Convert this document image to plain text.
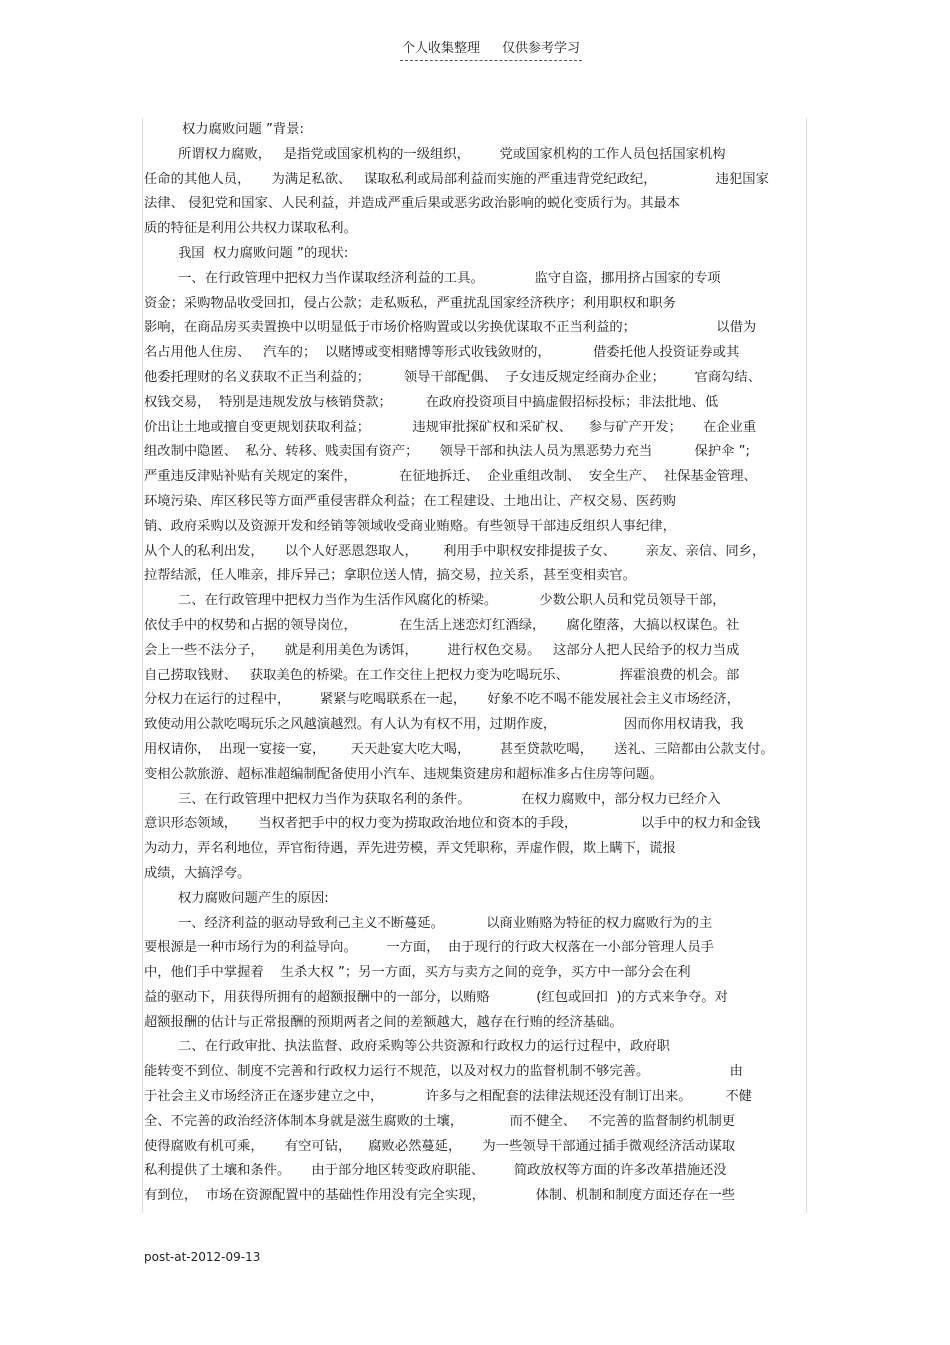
个人收集整理 仅供参考学习
权力腐败问题 ”背景:
所谓权力腐败，   是指党或国家机构的一级组织，       党或国家机构的工作人员包括国家机构
任命的其他人员，     为满足私欲、   谋取私利或局部利益而实施的严重违背党纪政纪，              违犯国家
法律、 侵犯党和国家、人民利益，并造成严重后果或恶劣政治影响的蜕化变质行为。其最本
质的特征是利用公共权力谋取私利。
我国  权力腐败问题 ”的现状:
一、在行政管理中把权力当作谋取经济利益的工具。            监守自盗，挪用挤占国家的专项
资金；采购物品收受回扣，侵占公款；走私贩私，严重扰乱国家经济秩序；利用职权和职务
影响，在商品房买卖置换中以明显低于市场价格购置或以劣换优谋取不正当利益的；                   以借为
名占用他人住房、   汽车的；  以赌博或变相赌博等形式收钱敛财的，          借委托他人投资证券或其
他委托理财的名义获取不正当利益的；        领导干部配偶、  子女违反规定经商办企业；       官商勾结、
权钱交易，  特别是违规发放与核销贷款；        在政府投资项目中搞虚假招标投标；非法批地、低
价出让土地或擅自变更规划获取利益；          违规审批探矿权和采矿权、    参与矿产开发；     在企业重
组改制中隐匿、  私分、转移、贱卖国有资产；     领导干部和执法人员为黑恶势力充当          保护伞 ”;
严重违反津贴补贴有关规定的案件，          在征地拆迁、  企业重组改制、  安全生产、  社保基金管理、
环境污染、库区移民等方面严重侵害群众利益；在工程建设、土地出让、产权交易、医药购
销、政府采购以及资源开发和经销等领域收受商业贿赂。有些领导干部违反组织人事纪律，
从个人的私利出发，     以个人好恶恩怨取人，      利用手中职权安排提拔子女、       亲友、亲信、同乡，
拉帮结派，任人唯亲，排斥异己；拿职位送人情，搞交易，拉关系，甚至变相卖官。
二、在行政管理中把权力当作为生活作风腐化的桥梁。          少数公职人员和党员领导干部，
依仗手中的权势和占据的领导岗位，          在生活上迷恋灯红酒绿，     腐化堕落，大搞以权谋色。社
会上一些不法分子，     就是利用美色为诱饵，       进行权色交易。   这部分人把人民给予的权力当成
自己捞取钱财、   获取美色的桥梁。在工作交往上把权力变为吃喝玩乐、            挥霍浪费的机会。部
分权力在运行的过程中，       紧紧与吃喝联系在一起，     好象不吃不喝不能发展社会主义市场经济，
致使动用公款吃喝玩乐之风越演越烈。有人认为有权不用，过期作废，                因而你用权请我，我
用权请你，  出现一宴接一宴，      天天赴宴大吃大喝，       甚至贷款吃喝，     送礼、三陪都由公款支付。
变相公款旅游、超标准超编制配备使用小汽车、违规集资建房和超标准多占住房等问题。
三、在行政管理中把权力当作为获取名利的条件。            在权力腐败中，部分权力已经介入
意识形态领域，     当权者把手中的权力变为捞取政治地位和资本的手段，               以手中的权力和金钱
为动力，弄名利地位，弄官衔待遇，弄先进劳模，弄文凭职称，弄虚作假，欺上瞒下，谎报
成绩，大搞浮夸。
权力腐败问题产生的原因:
一、经济利益的驱动导致利己主义不断蔓延。          以商业贿赂为特征的权力腐败行为的主
要根源是一种市场行为的利益导向。       一方面，  由于现行的行政大权落在一小部分管理人员手
中，他们手中掌握着    生杀大权 ”；另一方面，买方与卖方之间的竞争，买方中一部分会在利
益的驱动下，用获得所拥有的超额报酬中的一部分，以贿赂           (红包或回扣  )的方式来争夺。对
超额报酬的估计与正常报酬的预期两者之间的差额越大，越存在行贿的经济基础。
二、在行政审批、执法监督、政府采购等公共资源和行政权力的运行过程中，政府职
能转变不到位、制度不完善和行政权力运行不规范，以及对权力的监督机制不够完善。                   由
于社会主义市场经济正在逐步建立之中，          许多与之相配套的法律法规还没有制订出来。        不健
全、不完善的政治经济体制本身就是滋生腐败的土壤，           而不健全、   不完善的监督制约机制更
使得腐败有机可乘，     有空可钻，    腐败必然蔓延，     为一些领导干部通过插手微观经济活动谋取
私利提供了土壤和条件。     由于部分地区转变政府职能、       简政放权等方面的许多改革措施还没
有到位，  市场在资源配置中的基础性作用没有完全实现，            体制、机制和制度方面还存在一些
post-at-2012-09-13
